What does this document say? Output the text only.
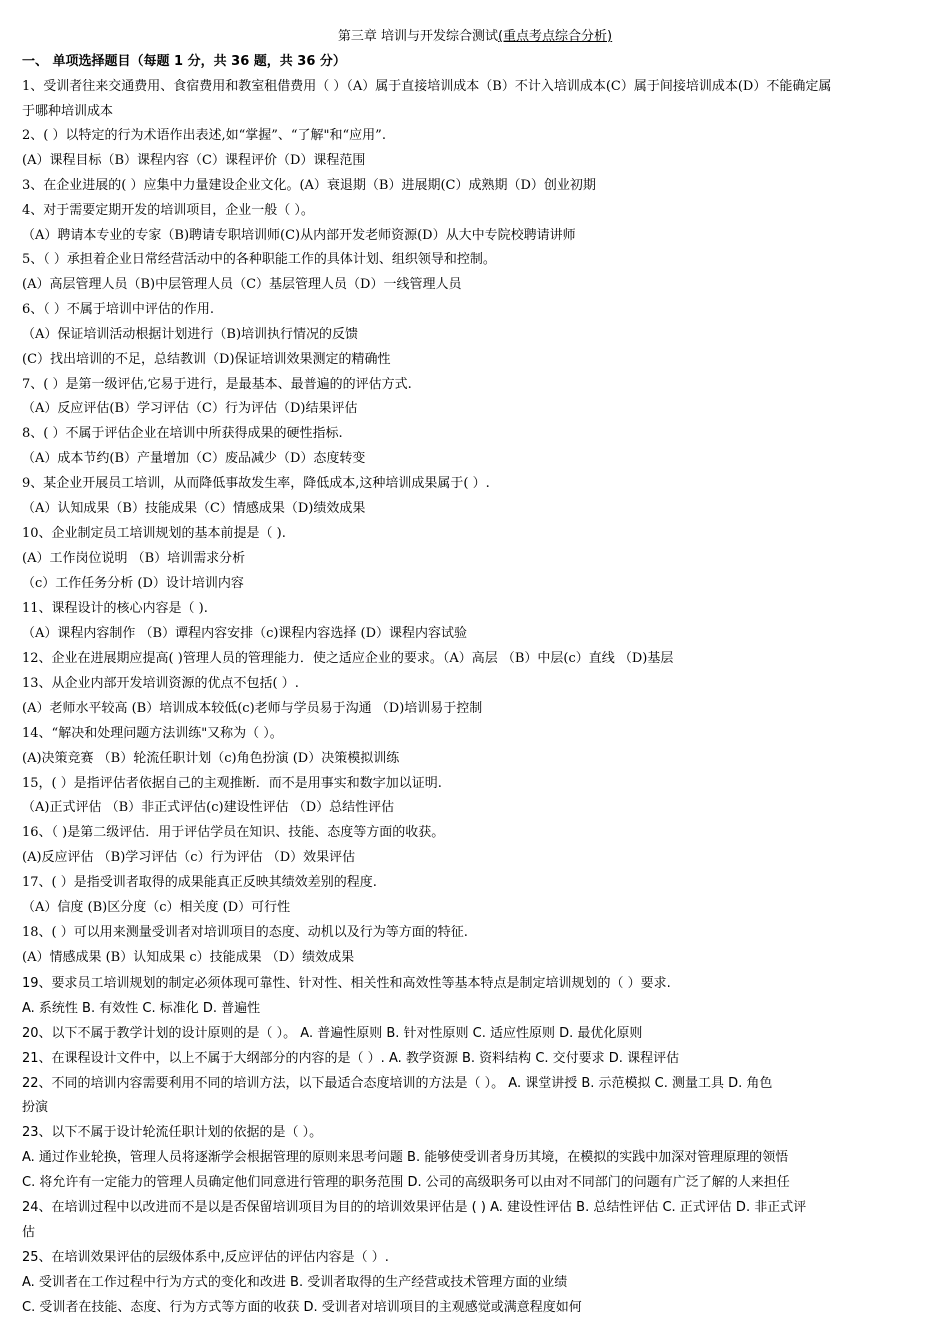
第三章 培训与开发综合测试(重点考点综合分析)
一、 单项选择题目（每题 1 分，共 36 题，共 36 分）
1、受训者往来交通费用、食宿费用和教室租借费用（ ）（A）属于直接培训成本（B）不计入培训成本(C）属于间接培训成本(D）不能确定属
于哪种培训成本
2、( ）以特定的行为术语作出表述,如“掌握”、“了解"和“应用”.
(A）课程目标（B）课程内容（C）课程评价（D）课程范围
3、在企业进展的( ）应集中力量建设企业文化。(A）衰退期（B）进展期(C）成熟期（D）创业初期
4、对于需要定期开发的培训项目，企业一般（ ）。
（A）聘请本专业的专家（B)聘请专职培训师(C)从内部开发老师资源(D）从大中专院校聘请讲师
5、（ ）承担着企业日常经营活动中的各种职能工作的具体计划、组织领导和控制。
(A）高层管理人员（B)中层管理人员（C）基层管理人员（D）一线管理人员
6、（ ）不属于培训中评估的作用.
（A）保证培训活动根据计划进行（B)培训执行情况的反馈
(C）找出培训的不足，总结教训（D)保证培训效果测定的精确性
7、( ）是第一级评估,它易于进行，是最基本、最普遍的的评估方式.
（A）反应评估(B）学习评估（C）行为评估（D)结果评估
8、( ）不属于评估企业在培训中所获得成果的硬性指标.
（A）成本节约(B）产量增加（C）废品减少（D）态度转变
9、某企业开展员工培训，从而降低事故发生率，降低成本,这种培训成果属于( ）.
（A）认知成果（B）技能成果（C）情感成果（D)绩效成果
10、企业制定员工培训规划的基本前提是（ ).
(A）工作岗位说明 （B）培训需求分析
（c）工作任务分析 (D）设计培训内容
11、课程设计的核心内容是（ ).
（A）课程内容制作 （B）谭程内容安排（c)课程内容选择 (D）课程内容试验
12、企业在进展期应提高( )管理人员的管理能力．使之适应企业的要求。（A）高层 （B）中层(c）直线 （D)基层
13、从企业内部开发培训资源的优点不包括( ）.
(A）老师水平较高 (B）培训成本较低(c)老师与学员易于沟通 （D)培训易于控制
14、“解决和处理问题方法训练"又称为（ ）。
(A)决策竞赛 （B）轮流任职计划（c)角色扮演 (D）决策模拟训练
15，( ）是指评估者依据自己的主观推断．而不是用事实和数字加以证明.
（A)正式评估 （B）非正式评估(c)建设性评估 （D）总结性评估
16、（ )是第二级评估．用于评估学员在知识、技能、态度等方面的收获。
(A)反应评估 （B)学习评估（c）行为评估 （D）效果评估
17、( ）是指受训者取得的成果能真正反映其绩效差别的程度.
（A）信度 (B)区分度（c）相关度 (D）可行性
18、( ）可以用来测量受训者对培训项目的态度、动机以及行为等方面的特征.
(A）情感成果 (B）认知成果 c）技能成果 （D）绩效成果
19、要求员工培训规划的制定必须体现可靠性、针对性、相关性和高效性等基本特点是制定培训规划的（ ）要求.
A. 系统性 B. 有效性 C. 标准化 D. 普遍性
20、以下不属于教学计划的设计原则的是（ ）。 A. 普遍性原则 B. 针对性原则 C. 适应性原则 D. 最优化原则
21、在课程设计文件中，以上不属于大纲部分的内容的是（ ）. A. 教学资源 B. 资料结构 C. 交付要求 D. 课程评估
22、不同的培训内容需要利用不同的培训方法，以下最适合态度培训的方法是（ ）。 A. 课堂讲授 B. 示范模拟 C. 测量工具 D. 角色
扮演
23、以下不属于设计轮流任职计划的依据的是（ ）。
A. 通过作业轮换，管理人员将逐渐学会根据管理的原则来思考问题 B. 能够使受训者身历其境，在模拟的实践中加深对管理原理的领悟
C. 将允许有一定能力的管理人员确定他们同意进行管理的职务范围 D. 公司的高级职务可以由对不同部门的问题有广泛了解的人来担任
24、在培训过程中以改进而不是以是否保留培训项目为目的的培训效果评估是 ( ) A. 建设性评估 B. 总结性评估 C. 正式评估 D. 非正式评
估
25、在培训效果评估的层级体系中,反应评估的评估内容是（ ）.
A. 受训者在工作过程中行为方式的变化和改进 B. 受训者取得的生产经营或技术管理方面的业绩
C. 受训者在技能、态度、行为方式等方面的收获 D. 受训者对培训项目的主观感觉或满意程度如何
